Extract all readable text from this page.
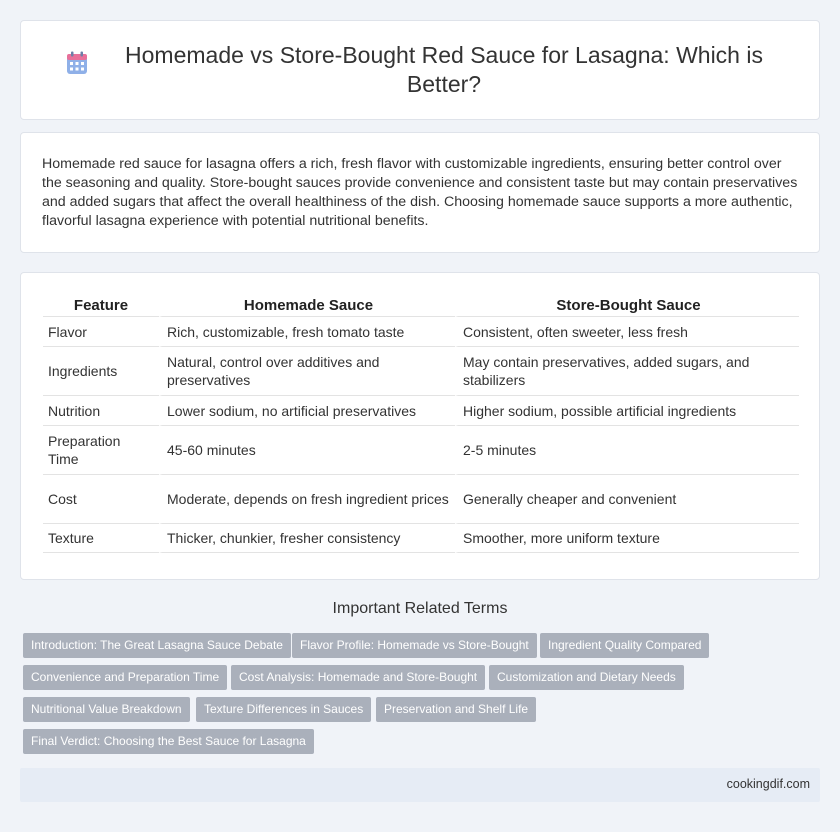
Homemade vs Store-Bought Red Sauce for Lasagna: Which is Better?

Homemade red sauce for lasagna offers a rich, fresh flavor with customizable ingredients, ensuring better control over the seasoning and quality. Store-bought sauces provide convenience and consistent taste but may contain preservatives and added sugars that affect the overall healthiness of the dish. Choosing homemade sauce supports a more authentic, flavorful lasagna experience with potential nutritional benefits.

Feature	Homemade Sauce	Store-Bought Sauce
Flavor	Rich, customizable, fresh tomato taste	Consistent, often sweeter, less fresh
Ingredients	Natural, control over additives and preservatives	May contain preservatives, added sugars, and stabilizers
Nutrition	Lower sodium, no artificial preservatives	Higher sodium, possible artificial ingredients
Preparation Time	45-60 minutes	2-5 minutes
Cost	Moderate, depends on fresh ingredient prices	Generally cheaper and convenient
Texture	Thicker, chunkier, fresher consistency	Smoother, more uniform texture
Important Related Terms
Introduction: The Great Lasagna Sauce Debate	Flavor Profile: Homemade vs Store-Bought	Ingredient Quality Compared
Convenience and Preparation Time	Cost Analysis: Homemade and Store-Bought	Customization and Dietary Needs
Nutritional Value Breakdown	Texture Differences in Sauces	Preservation and Shelf Life
Final Verdict: Choosing the Best Sauce for Lasagna
cookingdif.com
